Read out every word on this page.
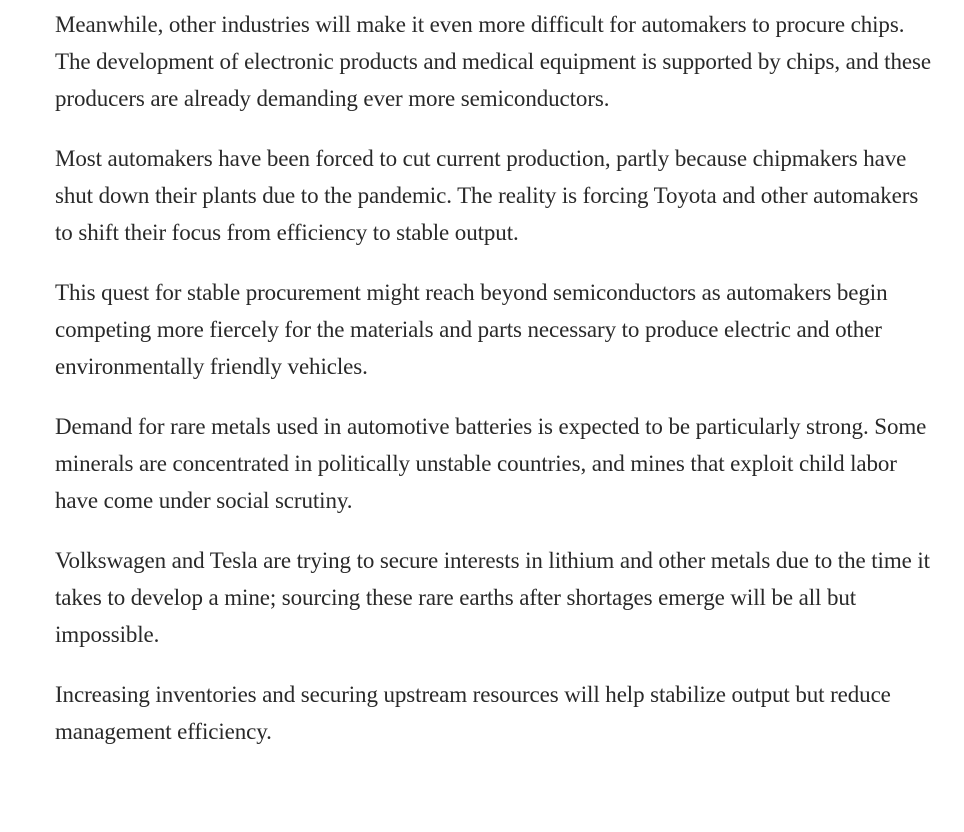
Meanwhile, other industries will make it even more difficult for automakers to procure chips. The development of electronic products and medical equipment is supported by chips, and these producers are already demanding ever more semiconductors.

Most automakers have been forced to cut current production, partly because chipmakers have shut down their plants due to the pandemic. The reality is forcing Toyota and other automakers to shift their focus from efficiency to stable output.

This quest for stable procurement might reach beyond semiconductors as automakers begin competing more fiercely for the materials and parts necessary to produce electric and other environmentally friendly vehicles.

Demand for rare metals used in automotive batteries is expected to be particularly strong. Some minerals are concentrated in politically unstable countries, and mines that exploit child labor have come under social scrutiny.

Volkswagen and Tesla are trying to secure interests in lithium and other metals due to the time it takes to develop a mine; sourcing these rare earths after shortages emerge will be all but impossible.

Increasing inventories and securing upstream resources will help stabilize output but reduce management efficiency.
